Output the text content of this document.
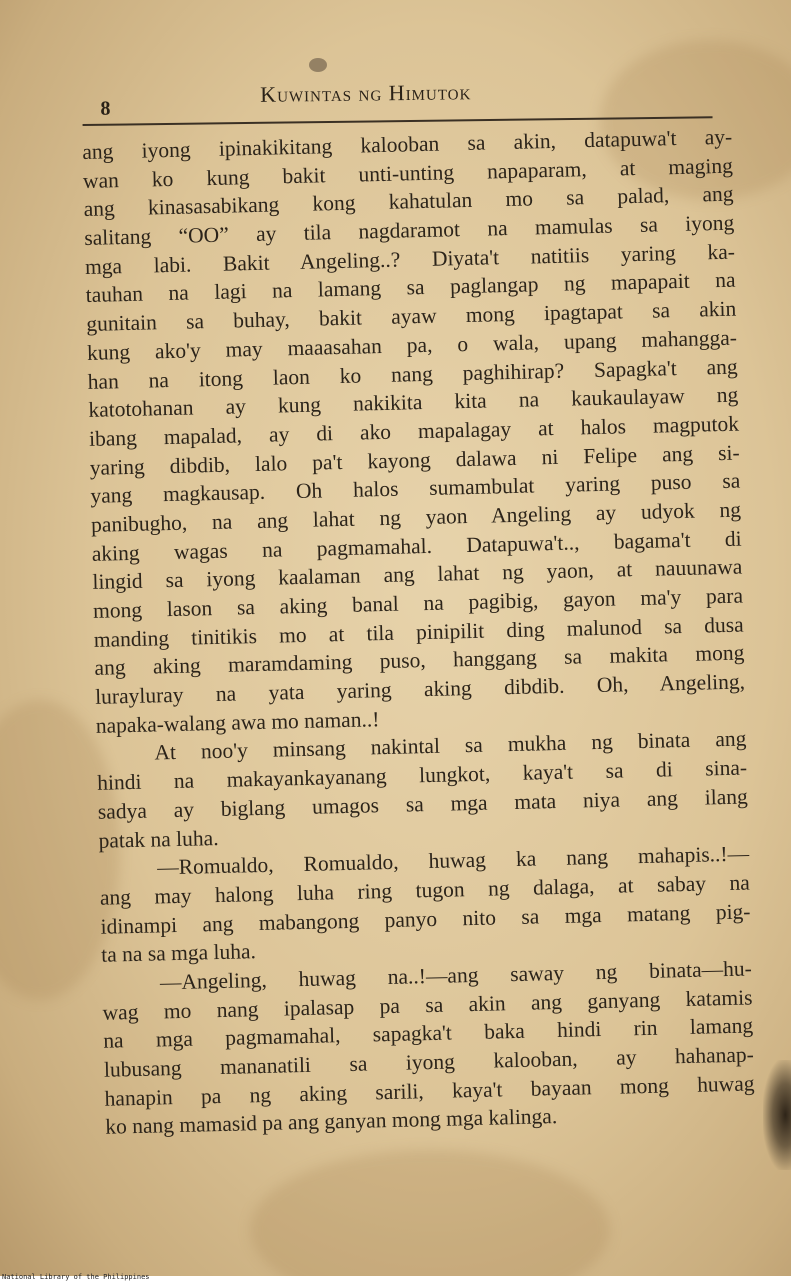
8
Kuwintas ng Himutok
ang iyong ipinakikitang kalooban sa akin, datapuwa't ay-
wan ko kung bakit unti-unting napaparam, at maging
ang kinasasabikang kong kahatulan mo sa palad, ang
salitang “OO” ay tila nagdaramot na mamulas sa iyong
mga labi. Bakit Angeling..? Diyata't natitiis yaring ka-
tauhan na lagi na lamang sa paglangap ng mapapait na
gunitain sa buhay, bakit ayaw mong ipagtapat sa akin
kung ako'y may maaasahan pa, o wala, upang mahangga-
han na itong laon ko nang paghihirap? Sapagka't ang
katotohanan ay kung nakikita kita na kaukaulayaw ng
ibang mapalad, ay di ako mapalagay at halos magputok
yaring dibdib, lalo pa't kayong dalawa ni Felipe ang si-
yang magkausap. Oh halos sumambulat yaring puso sa
panibugho, na ang lahat ng yaon Angeling ay udyok ng
aking wagas na pagmamahal. Datapuwa't.., bagama't di
lingid sa iyong kaalaman ang lahat ng yaon, at nauunawa
mong lason sa aking banal na pagibig, gayon ma'y para
manding tinitikis mo at tila pinipilit ding malunod sa dusa
ang aking maramdaming puso, hanggang sa makita mong
lurayluray na yata yaring aking dibdib. Oh, Angeling,
napaka-walang awa mo naman..!
At noo'y minsang nakintal sa mukha ng binata ang
hindi na makayankayanang lungkot, kaya't sa di sina-
sadya ay biglang umagos sa mga mata niya ang ilang
patak na luha.
—Romualdo, Romualdo, huwag ka nang mahapis..!—
ang may halong luha ring tugon ng dalaga, at sabay na
idinampi ang mabangong panyo nito sa mga matang pig-
ta na sa mga luha.
—Angeling, huwag na..!—ang saway ng binata—hu-
wag mo nang ipalasap pa sa akin ang ganyang katamis
na mga pagmamahal, sapagka't baka hindi rin lamang
lubusang mananatili sa iyong kalooban, ay hahanap-
hanapin pa ng aking sarili, kaya't bayaan mong huwag
ko nang mamasid pa ang ganyan mong mga kalinga.
National Library of the Philippines
